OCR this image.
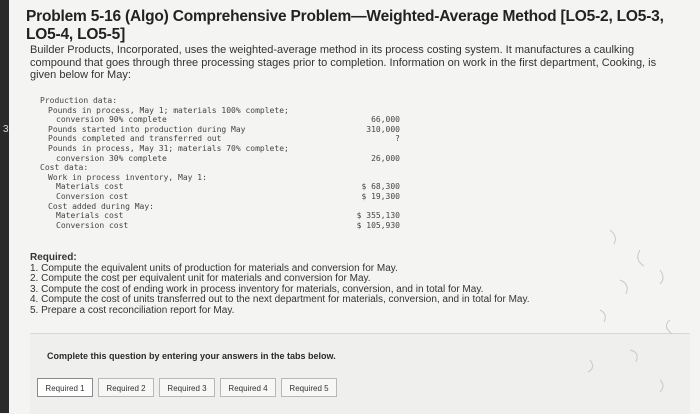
3
Problem 5-16 (Algo) Comprehensive Problem—Weighted-Average Method [LO5-2, LO5-3, LO5-4, LO5-5]
Builder Products, Incorporated, uses the weighted-average method in its process costing system. It manufactures a caulking compound that goes through three processing stages prior to completion. Information on work in the first department, Cooking, is given below for May:
Production data:
Pounds in process, May 1; materials 100% complete;
conversion 90% complete	66,000
Pounds started into production during May	310,000
Pounds completed and transferred out	?
Pounds in process, May 31; materials 70% complete;
conversion 30% complete	26,000
Cost data:
Work in process inventory, May 1:
Materials cost	$ 68,300
Conversion cost	$ 19,300
Cost added during May:
Materials cost	$ 355,130
Conversion cost	$ 105,930
Required:
1. Compute the equivalent units of production for materials and conversion for May.
2. Compute the cost per equivalent unit for materials and conversion for May.
3. Compute the cost of ending work in process inventory for materials, conversion, and in total for May.
4. Compute the cost of units transferred out to the next department for materials, conversion, and in total for May.
5. Prepare a cost reconciliation report for May.
Complete this question by entering your answers in the tabs below.
Required 1	Required 2	Required 3	Required 4	Required 5
